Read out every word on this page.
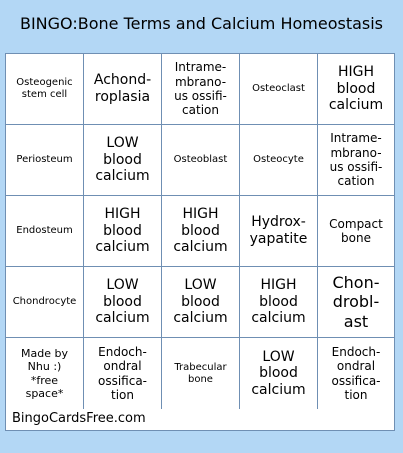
BINGO:Bone Terms and Calcium Homeostasis
Osteogenic
stem cell
Achond-
roplasia
Intrame-
mbrano-
us ossifi-
cation
Osteoclast
HIGH
blood
calcium
Periosteum
LOW
blood
calcium
Osteoblast	Osteocyte
Intrame-
mbrano-
us ossifi-
cation
Endosteum
HIGH
blood
calcium
HIGH
blood
calcium
Hydrox-
yapatite
Compact
bone
Chondrocyte
LOW
blood
calcium
LOW
blood
calcium
HIGH
blood
calcium
Chon-
drobl-
ast
Made by
Nhu :)
*free
space*
Endoch-
ondral
ossifica-
tion
Trabecular
bone
LOW
blood
calcium
Endoch-
ondral
ossifica-
tion
BingoCardsFree.com
